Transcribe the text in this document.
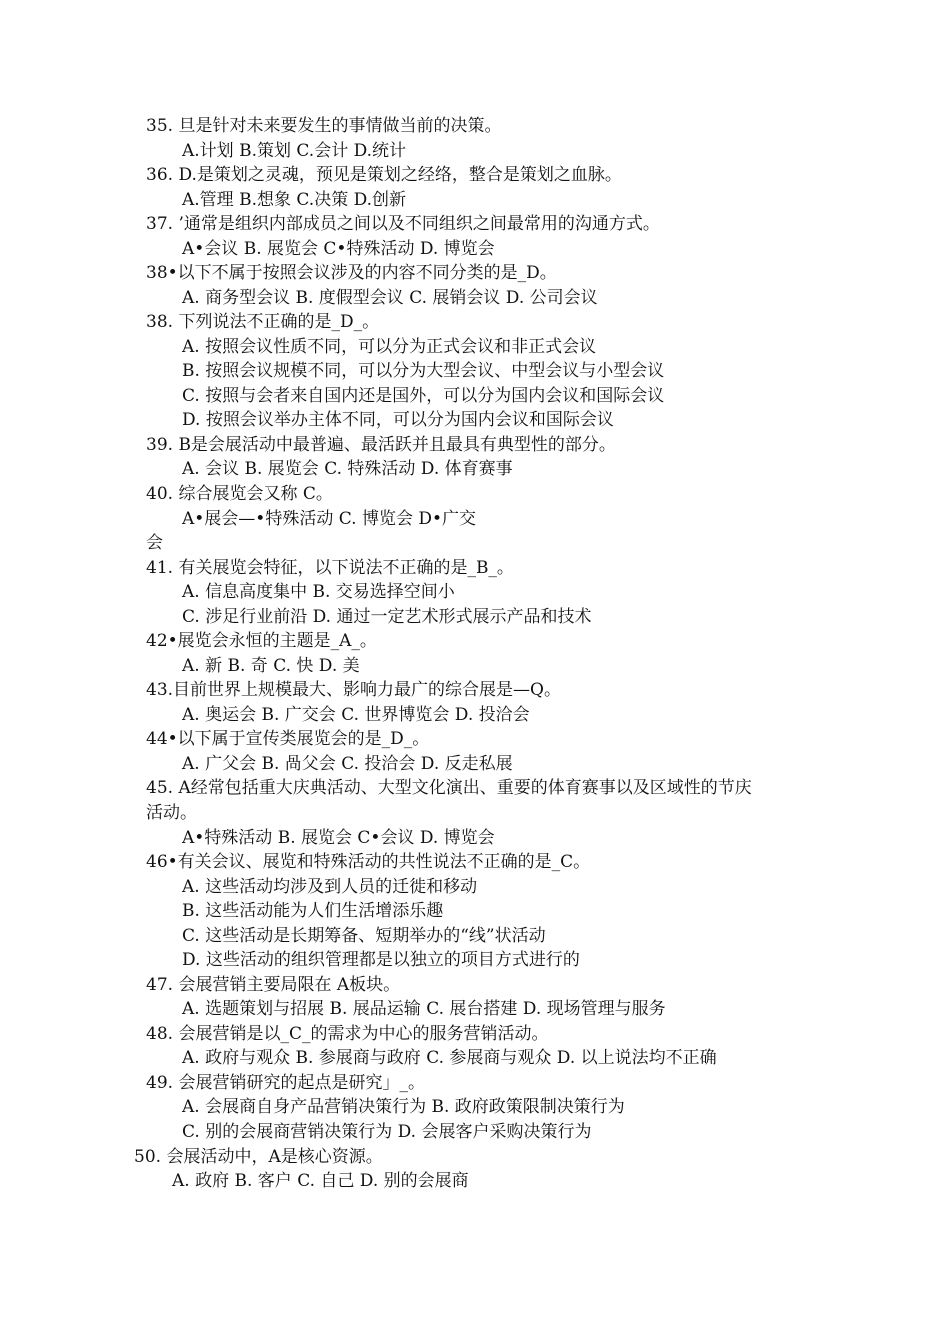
35. 旦是针对未来要发生的事情做当前的决策。
A.计划 B.策划 C.会计 D.统计
36. D.是策划之灵魂，预见是策划之经络，整合是策划之血脉。
A.管理 B.想象 C.决策 D.创新
37. ’通常是组织内部成员之间以及不同组织之间最常用的沟通方式。
A•会议 B. 展览会 C•特殊活动 D. 博览会
38•以下不属于按照会议涉及的内容不同分类的是_D。
A. 商务型会议 B. 度假型会议 C. 展销会议 D. 公司会议
38. 下列说法不正确的是_D_。
A. 按照会议性质不同，可以分为正式会议和非正式会议
B. 按照会议规模不同，可以分为大型会议、中型会议与小型会议
C. 按照与会者来自国内还是国外，可以分为国内会议和国际会议
D. 按照会议举办主体不同，可以分为国内会议和国际会议
39. B是会展活动中最普遍、最活跃并且最具有典型性的部分。
A. 会议 B. 展览会 C. 特殊活动 D. 体育赛事
40. 综合展览会又称 C。
A•展会—•特殊活动 C. 博览会 D•广交
会
41. 有关展览会特征，以下说法不正确的是_B_。
A. 信息高度集中 B. 交易选择空间小
C. 涉足行业前沿 D. 通过一定艺术形式展示产品和技术
42•展览会永恒的主题是_A_。
A. 新 B. 奇 C. 快 D. 美
43.目前世界上规模最大、影响力最广的综合展是—Q。
A. 奥运会 B. 广交会 C. 世界博览会 D. 投洽会
44•以下属于宣传类展览会的是_D_。
A. 广父会 B. 咼父会 C. 投洽会 D. 反走私展
45. A经常包括重大庆典活动、大型文化演出、重要的体育赛事以及区域性的节庆
活动。
A•特殊活动 B. 展览会 C•会议 D. 博览会
46•有关会议、展览和特殊活动的共性说法不正确的是_C。
A. 这些活动均涉及到人员的迁徙和移动
B. 这些活动能为人们生活增添乐趣
C. 这些活动是长期筹备、短期举办的“线”状活动
D. 这些活动的组织管理都是以独立的项目方式进行的
47. 会展营销主要局限在 A板块。
A. 选题策划与招展 B. 展品运输 C. 展台搭建 D. 现场管理与服务
48. 会展营销是以_C_的需求为中心的服务营销活动。
A. 政府与观众 B. 参展商与政府 C. 参展商与观众 D. 以上说法均不正确
49. 会展营销研究的起点是研究」_。
A. 会展商自身产品营销决策行为 B. 政府政策限制决策行为
C. 别的会展商营销决策行为 D. 会展客户采购决策行为
50. 会展活动中，A是核心资源。
A. 政府 B. 客户 C. 自己 D. 别的会展商
